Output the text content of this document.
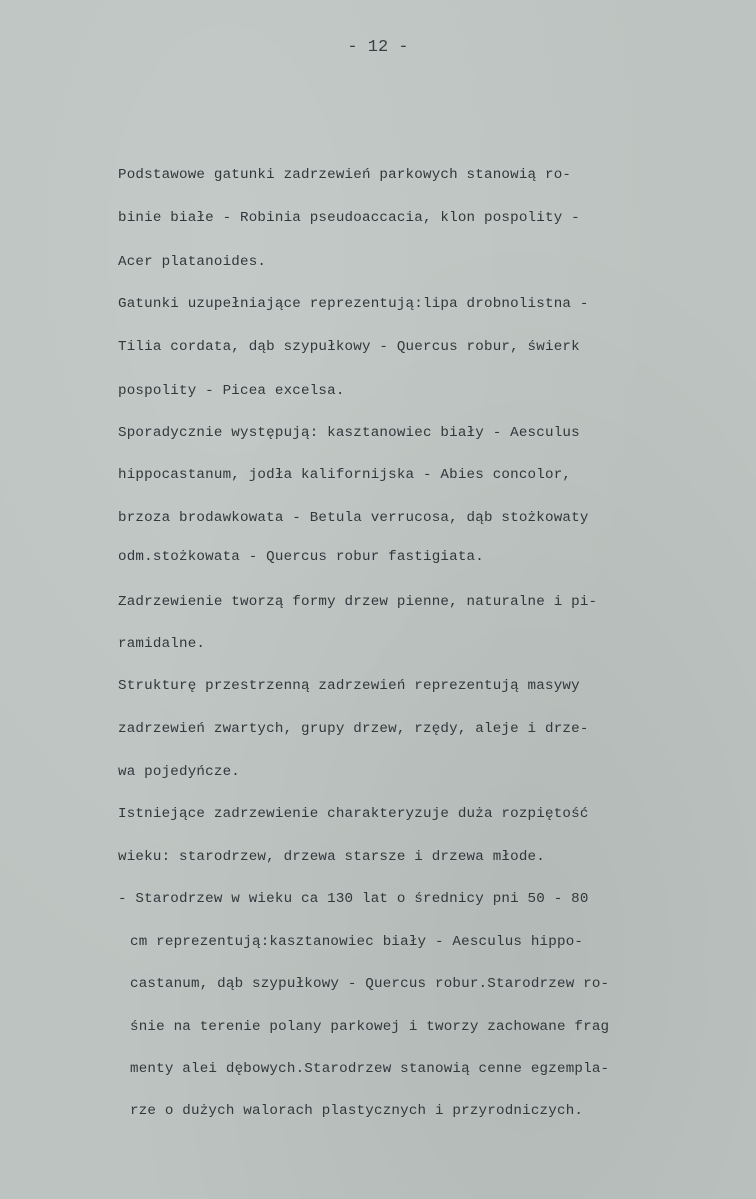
- 12 -
Podstawowe gatunki zadrzewień parkowych stanowią ro-
binie białe - Robinia pseudoaccacia, klon pospolity -
Acer platanoides.
Gatunki uzupełniające reprezentują:lipa drobnolistna -
Tilia cordata, dąb szypułkowy - Quercus robur, świerk
pospolity - Picea excelsa.
Sporadycznie występują: kasztanowiec biały - Aesculus
hippocastanum, jodła kalifornijska - Abies concolor,
brzoza brodawkowata - Betula verrucosa, dąb stożkowaty
odm.stożkowata - Quercus robur fastigiata.
Zadrzewienie tworzą formy drzew pienne, naturalne i pi-
ramidalne.
Strukturę przestrzenną zadrzewień reprezentują masywy
zadrzewień zwartych, grupy drzew, rzędy, aleje i drze-
wa pojedyńcze.
Istniejące zadrzewienie charakteryzuje duża rozpiętość
wieku: starodrzew, drzewa starsze i drzewa młode.
- Starodrzew w wieku ca 130 lat o średnicy pni 50 - 80
cm reprezentują:kasztanowiec biały - Aesculus hippo-
castanum, dąb szypułkowy - Quercus robur.Starodrzew ro-
śnie na terenie polany parkowej i tworzy zachowane frag
menty alei dębowych.Starodrzew stanowią cenne egzempla-
rze o dużych walorach plastycznych i przyrodniczych.
